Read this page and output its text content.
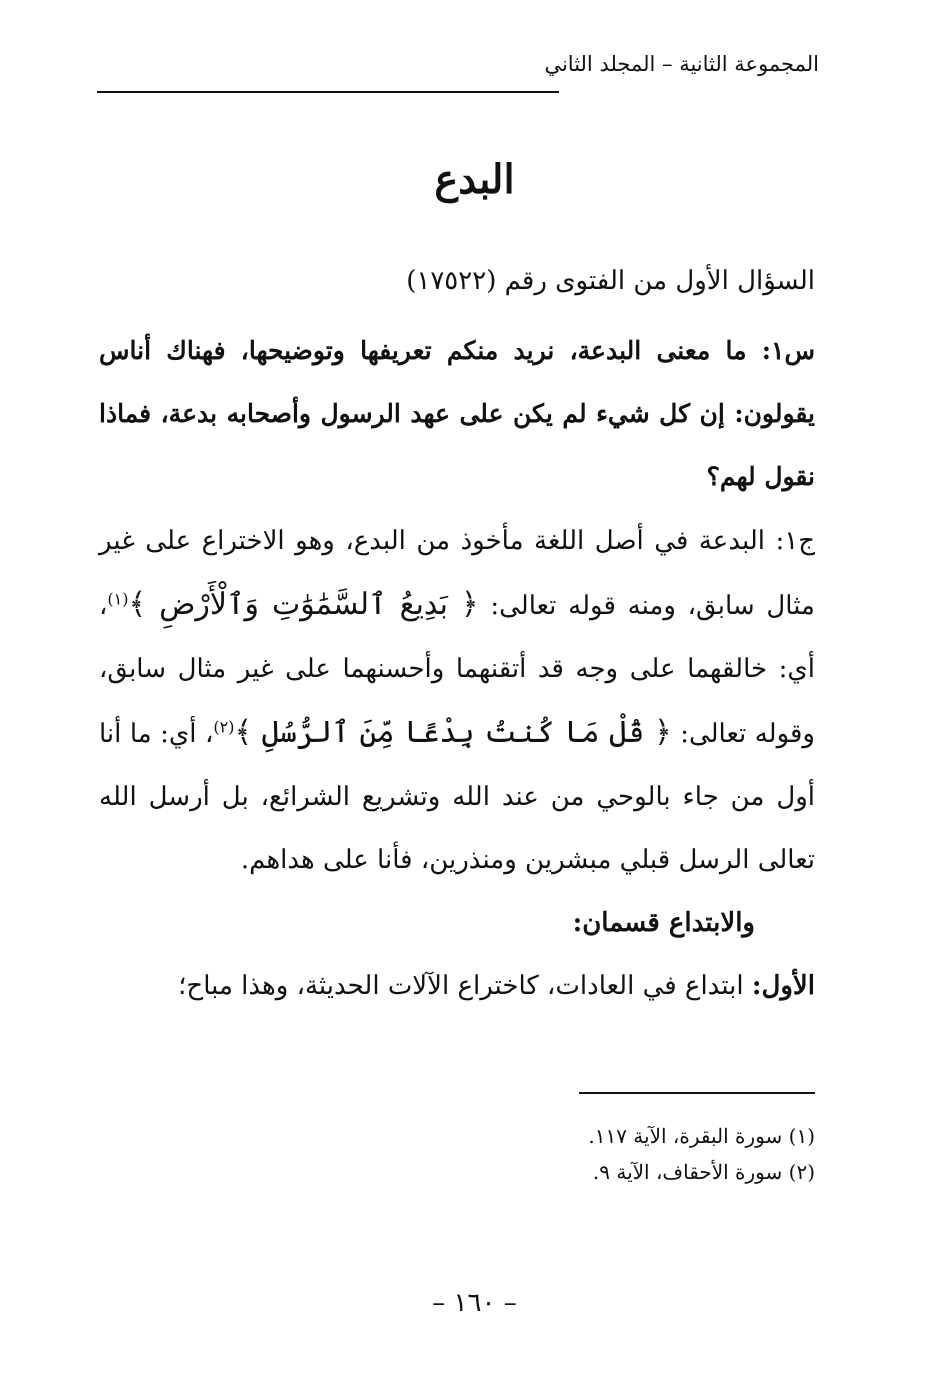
المجموعة الثانية – المجلد الثاني
البدع

السؤال الأول من الفتوى رقم (١٧٥٢٢)

س١: ما معنى البدعة، نريد منكم تعريفها وتوضيحها، فهناك أناس يقولون: إن كل شيء لم يكن على عهد الرسول وأصحابه بدعة، فماذا نقول لهم؟

ج١: البدعة في أصل اللغة مأخوذ من البدع، وهو الاختراع على غير مثال سابق، ومنه قوله تعالى: ﴿ بَدِيعُ ٱلسَّمَٰوَٰتِ وَٱلْأَرْضِ ﴾$^{(١)}$، أي: خالقهما على وجه قد أتقنهما وأحسنهما على غير مثال سابق، وقوله تعالى: ﴿ قُلْ مَا كُنتُ بِدْعًا مِّنَ ٱلرُّسُلِ ﴾$^{(٢)}$، أي: ما أنا أول من جاء بالوحي من عند الله وتشريع الشرائع، بل أرسل الله تعالى الرسل قبلي مبشرين ومنذرين، فأنا على هداهم.

والابتداع قسمان:

الأول: ابتداع في العادات، كاختراع الآلات الحديثة، وهذا مباح؛

(١) سورة البقرة، الآية ١١٧.

(٢) سورة الأحقاف، الآية ٩.

– ١٦٠ –
